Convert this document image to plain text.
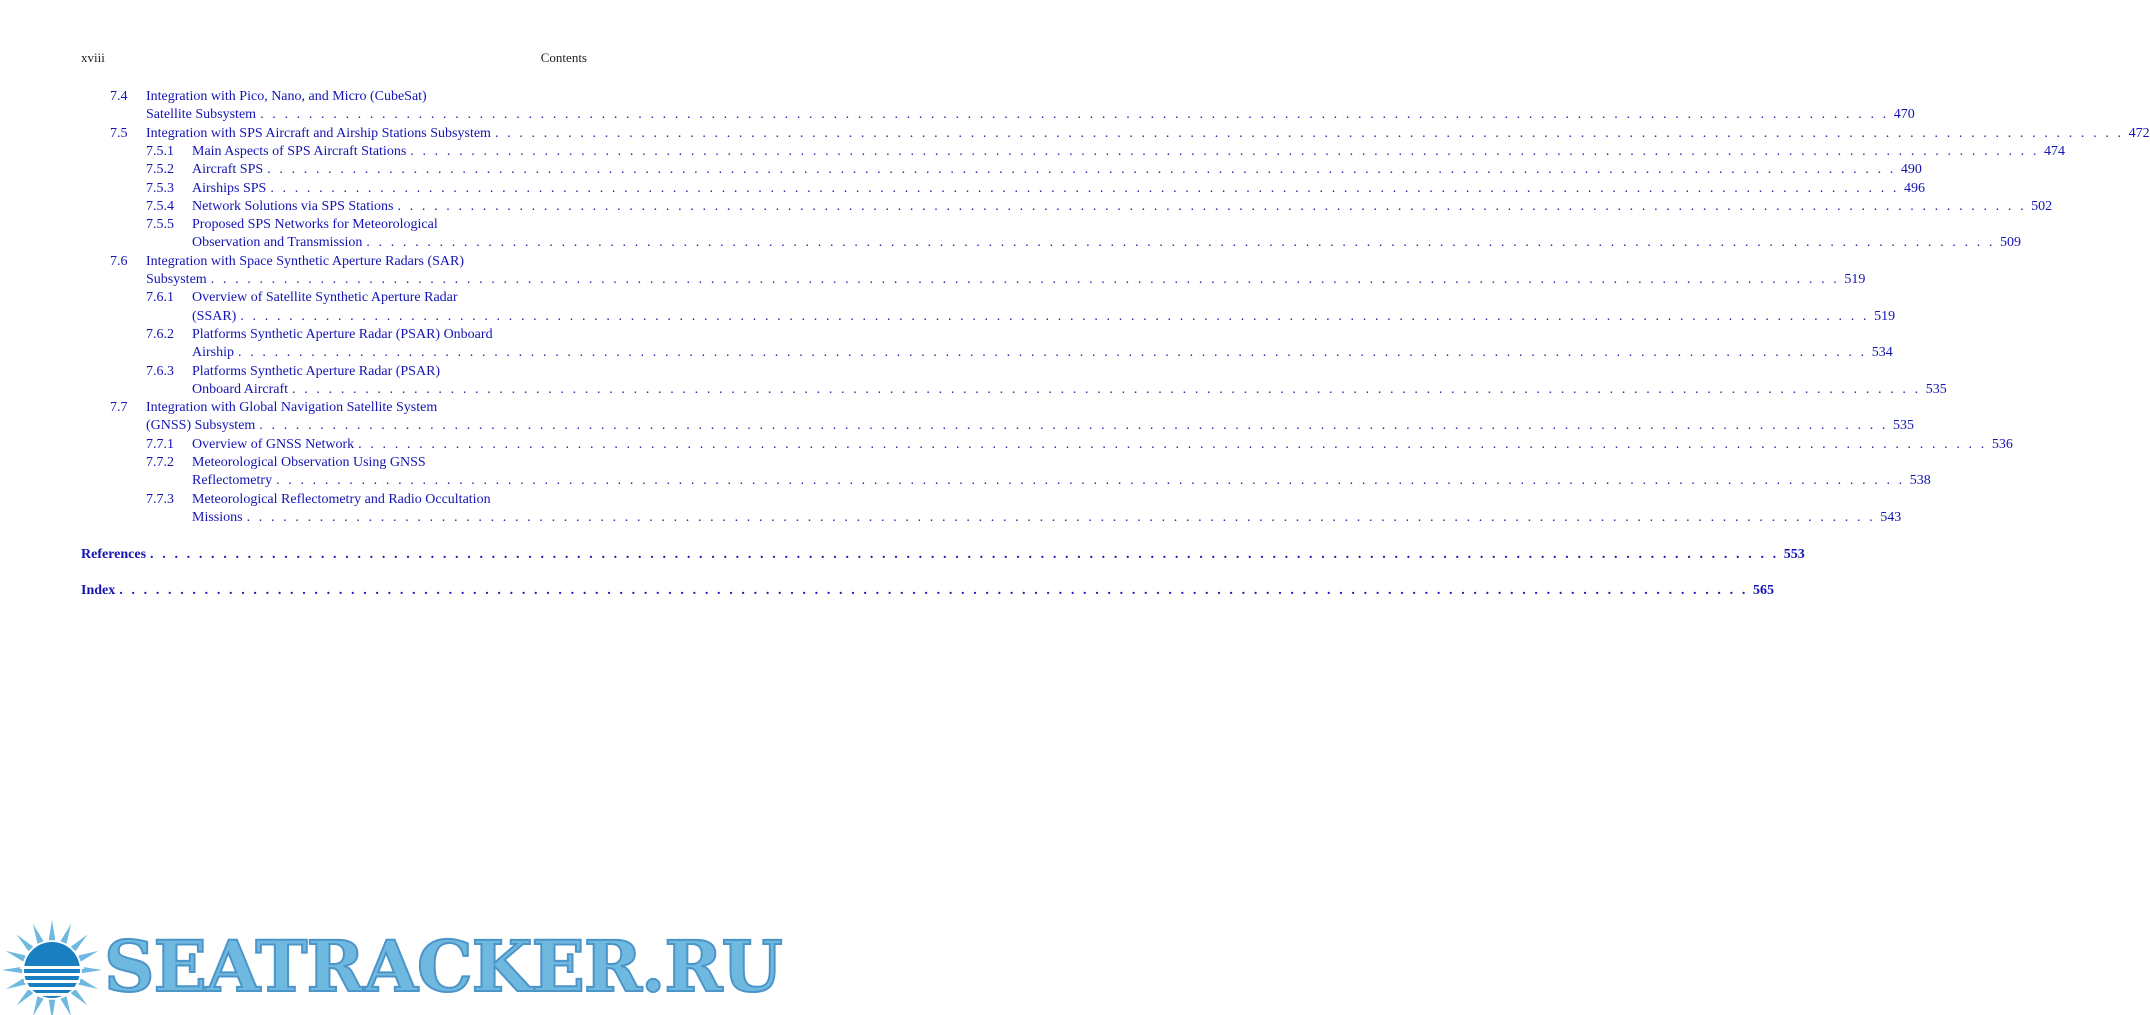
xviii	Contents
7.4 Integration with Pico, Nano, and Micro (CubeSat)
Satellite Subsystem . . .	470
7.5 Integration with SPS Aircraft and Airship Stations Subsystem . . .	472
7.5.1 Main Aspects of SPS Aircraft Stations . . .	474
7.5.2 Aircraft SPS . . .	490
7.5.3 Airships SPS . . .	496
7.5.4 Network Solutions via SPS Stations . . .	502
7.5.5 Proposed SPS Networks for Meteorological
Observation and Transmission . . .	509
7.6 Integration with Space Synthetic Aperture Radars (SAR)
Subsystem . . .	519
7.6.1 Overview of Satellite Synthetic Aperture Radar
(SSAR) . . .	519
7.6.2 Platforms Synthetic Aperture Radar (PSAR) Onboard
Airship . . .	534
7.6.3 Platforms Synthetic Aperture Radar (PSAR)
Onboard Aircraft . . .	535
7.7 Integration with Global Navigation Satellite System
(GNSS) Subsystem . . .	535
7.7.1 Overview of GNSS Network . . .	536
7.7.2 Meteorological Observation Using GNSS
Reflectometry . . .	538
7.7.3 Meteorological Reflectometry and Radio Occultation
Missions . . .	543
References . . .	553
Index . . .	565
SEATRACKER.RU
